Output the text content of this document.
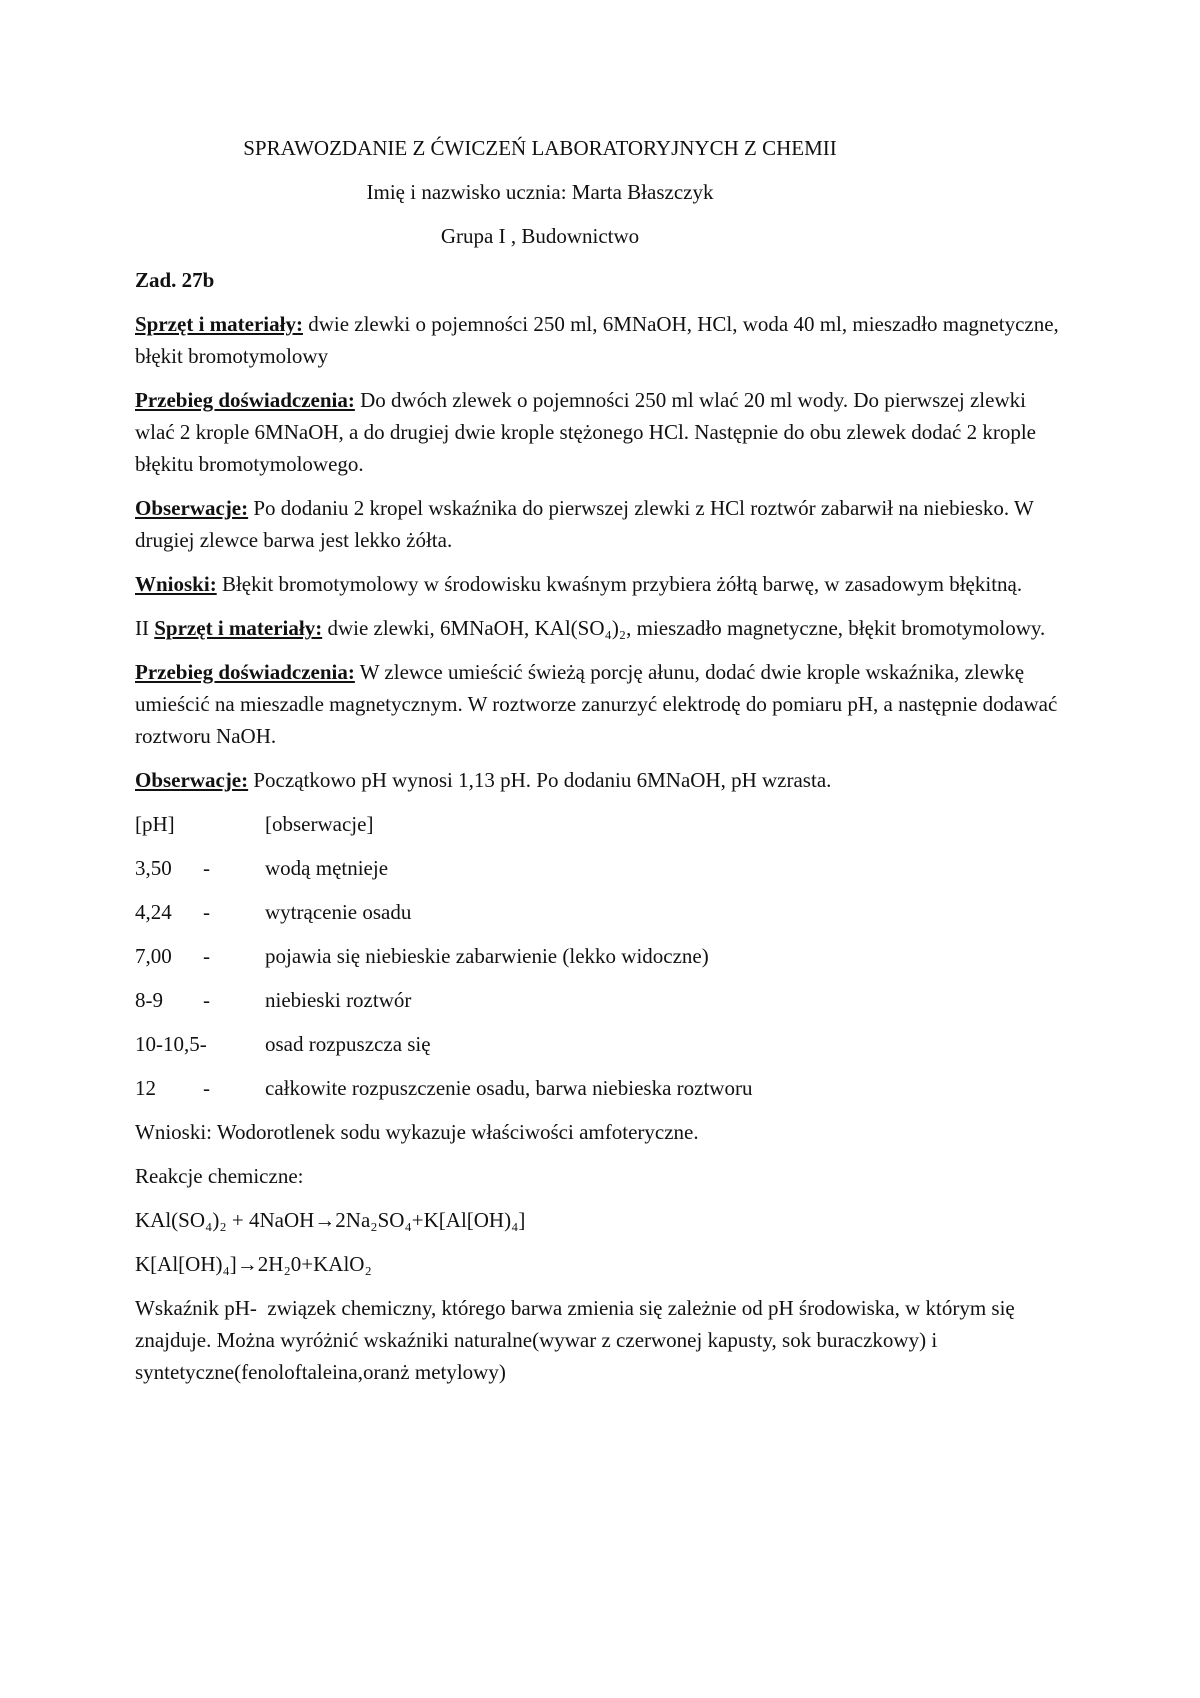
SPRAWOZDANIE Z ĆWICZEŃ LABORATORYJNYCH Z CHEMII

Imię i nazwisko ucznia: Marta Błaszczyk

Grupa I , Budownictwo

Zad. 27b

Sprzęt i materiały: dwie zlewki o pojemności 250 ml, 6MNaOH, HCl, woda 40 ml, mieszadło magnetyczne, błękit bromotymolowy

Przebieg doświadczenia: Do dwóch zlewek o pojemności 250 ml wlać 20 ml wody. Do pierwszej zlewki wlać 2 krople 6MNaOH, a do drugiej dwie krople stężonego HCl. Następnie do obu zlewek dodać 2 krople błękitu bromotymolowego.

Obserwacje: Po dodaniu 2 kropel wskaźnika do pierwszej zlewki z HCl roztwór zabarwił na niebiesko. W drugiej zlewce barwa jest lekko żółta.

Wnioski: Błękit bromotymolowy w środowisku kwaśnym przybiera żółtą barwę, w zasadowym błękitną.

II Sprzęt i materiały: dwie zlewki, 6MNaOH, KAl(SO₄)₂, mieszadło magnetyczne, błękit bromotymolowy.

Przebieg doświadczenia: W zlewce umieścić świeżą porcję ałunu, dodać dwie krople wskaźnika, zlewkę umieścić na mieszadle magnetycznym. W roztworze zanurzyć elektrodę do pomiaru pH, a następnie dodawać roztworu NaOH.

Obserwacje: Początkowo pH wynosi 1,13 pH. Po dodaniu 6MNaOH, pH wzrasta.

[pH]	[obserwacje]
3,50	-	wodą mętnieje
4,24	-	wytrącenie osadu
7,00	-	pojawia się niebieskie zabarwienie (lekko widoczne)
8-9	-	niebieski roztwór
10-10,5-	osad rozpuszcza się
12	-	całkowite rozpuszczenie osadu, barwa niebieska roztworu

Wnioski: Wodorotlenek sodu wykazuje właściwości amfoteryczne.

Reakcje chemiczne:

KAl(SO₄)₂ + 4NaOH→2Na₂SO₄+K[Al[OH)₄]

K[Al[OH)₄]→2H₂0+KAlO₂

Wskaźnik pH-  związek chemiczny, którego barwa zmienia się zależnie od pH środowiska, w którym się znajduje. Można wyróżnić wskaźniki naturalne(wywar z czerwonej kapusty, sok buraczkowy) i syntetyczne(fenoloftaleina,oranż metylowy)
